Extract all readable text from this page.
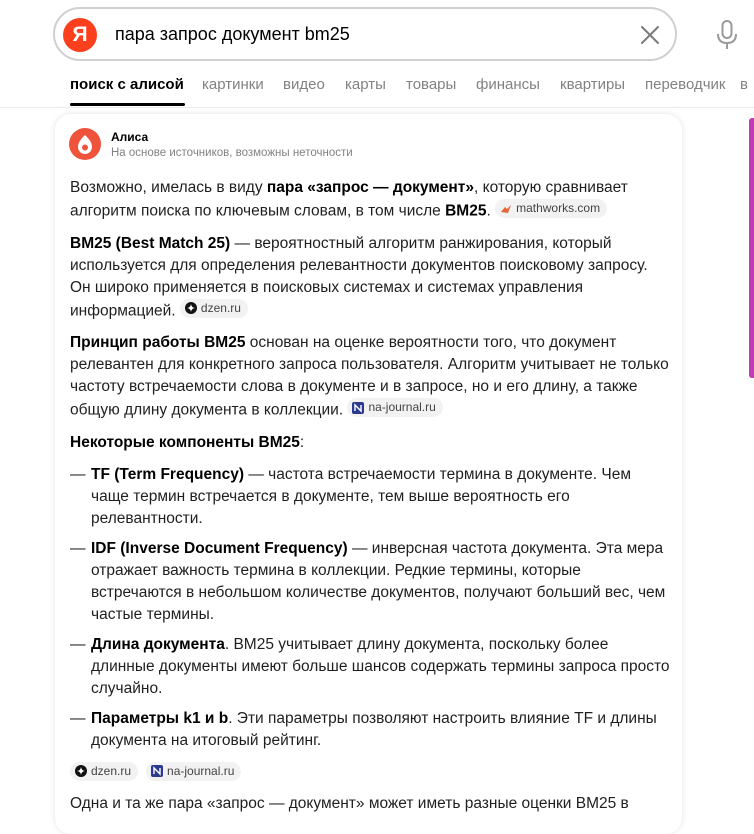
Я	пара запрос документ bm25
поиск с алисой картинки видео карты товары финансы квартиры переводчик в
Алиса
На основе источников, возможны неточности

Возможно, имелась в виду пара «запрос — документ», которую сравнивает алгоритм поиска по ключевым словам, в том числе BM25. mathworks.com

BM25 (Best Match 25) — вероятностный алгоритм ранжирования, который используется для определения релевантности документов поисковому запросу. Он широко применяется в поисковых системах и системах управления информацией. dzen.ru

Принцип работы BM25 основан на оценке вероятности того, что документ релевантен для конкретного запроса пользователя. Алгоритм учитывает не только частоту встречаемости слова в документе и в запросе, но и его длину, а также общую длину документа в коллекции. na-journal.ru

Некоторые компоненты BM25:

— TF (Term Frequency) — частота встречаемости термина в документе. Чем чаще термин встречается в документе, тем выше вероятность его релевантности.
— IDF (Inverse Document Frequency) — инверсная частота документа. Эта мера отражает важность термина в коллекции. Редкие термины, которые встречаются в небольшом количестве документов, получают больший вес, чем частые термины.
— Длина документа. BM25 учитывает длину документа, поскольку более длинные документы имеют больше шансов содержать термины запроса просто случайно.
— Параметры k1 и b. Эти параметры позволяют настроить влияние TF и длины документа на итоговый рейтинг.
dzen.ru	na-journal.ru

Одна и та же пара «запрос — документ» может иметь разные оценки BM25 в
